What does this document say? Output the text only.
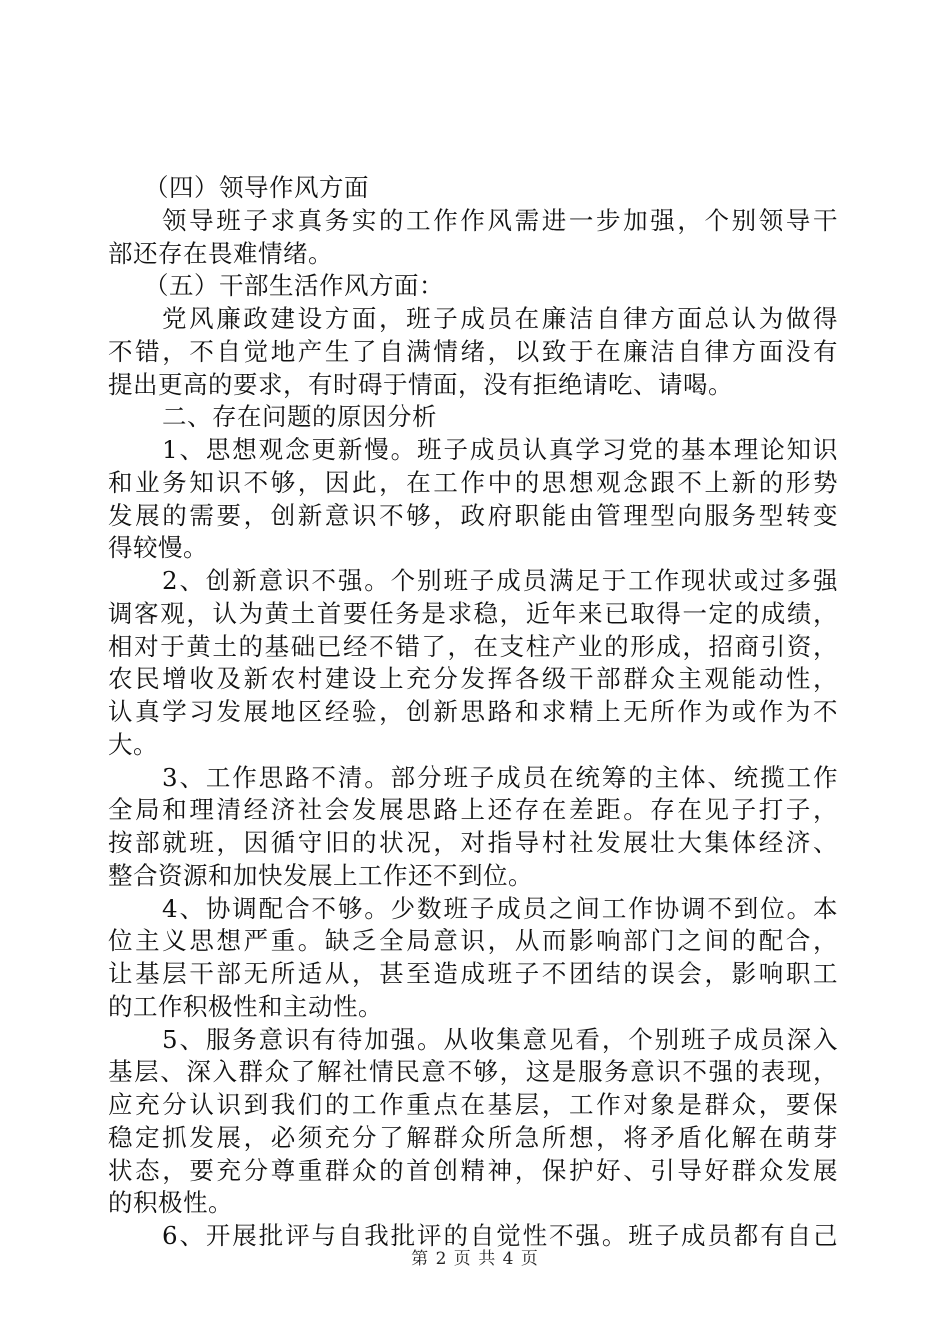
（四）领导作风方面
领导班子求真务实的工作作风需进一步加强，个别领导干
部还存在畏难情绪。
（五）干部生活作风方面：
党风廉政建设方面，班子成员在廉洁自律方面总认为做得
不错，不自觉地产生了自满情绪，以致于在廉洁自律方面没有
提出更高的要求，有时碍于情面，没有拒绝请吃、请喝。
二、存在问题的原因分析
1、思想观念更新慢。班子成员认真学习党的基本理论知识
和业务知识不够，因此，在工作中的思想观念跟不上新的形势
发展的需要，创新意识不够，政府职能由管理型向服务型转变
得较慢。
2、创新意识不强。个别班子成员满足于工作现状或过多强
调客观，认为黄土首要任务是求稳，近年来已取得一定的成绩，
相对于黄土的基础已经不错了，在支柱产业的形成，招商引资，
农民增收及新农村建设上充分发挥各级干部群众主观能动性，
认真学习发展地区经验，创新思路和求精上无所作为或作为不
大。
3、工作思路不清。部分班子成员在统筹的主体、统揽工作
全局和理清经济社会发展思路上还存在差距。存在见子打子，
按部就班，因循守旧的状况，对指导村社发展壮大集体经济、
整合资源和加快发展上工作还不到位。
4、协调配合不够。少数班子成员之间工作协调不到位。本
位主义思想严重。缺乏全局意识，从而影响部门之间的配合，
让基层干部无所适从，甚至造成班子不团结的误会，影响职工
的工作积极性和主动性。
5、服务意识有待加强。从收集意见看，个别班子成员深入
基层、深入群众了解社情民意不够，这是服务意识不强的表现，
应充分认识到我们的工作重点在基层，工作对象是群众，要保
稳定抓发展，必须充分了解群众所急所想，将矛盾化解在萌芽
状态，要充分尊重群众的首创精神，保护好、引导好群众发展
的积极性。
6、开展批评与自我批评的自觉性不强。班子成员都有自己
第 2 页 共 4 页
